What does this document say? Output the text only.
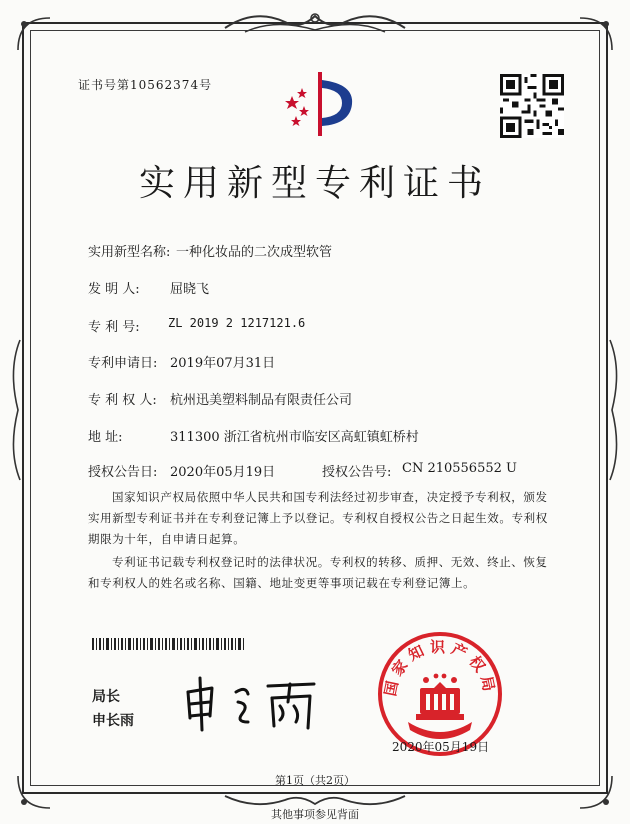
证书号第10562374号
实用新型专利证书
实用新型名称: 一种化妆品的二次成型软管
发 明 人: 屈晓飞
专 利 号: ZL 2019 2 1217121.6
专利申请日: 2019年07月31日
专 利 权 人: 杭州迅美塑料制品有限责任公司
地 址:	311300 浙江省杭州市临安区高虹镇虹桥村
授权公告日: 2020年05月19日	授权公告号: CN 210556552 U
国家知识产权局依照中华人民共和国专利法经过初步审查，决定授予专利权，颁发实用新型专利证书并在专利登记簿上予以登记。专利权自授权公告之日起生效。专利权期限为十年，自申请日起算。
专利证书记载专利权登记时的法律状况。专利权的转移、质押、无效、终止、恢复和专利权人的姓名或名称、国籍、地址变更等事项记载在专利登记簿上。
局长
申长雨
国家知识产权局
2020年05月19日
第1页（共2页）
其他事项参见背面
